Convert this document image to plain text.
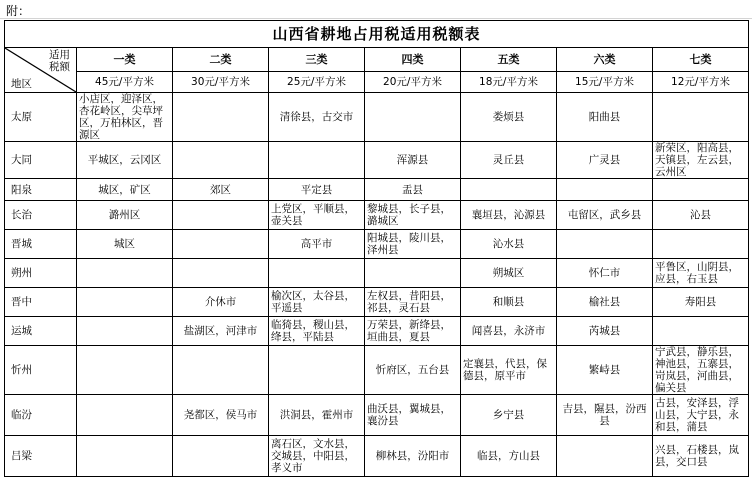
附：
山西省耕地占用税适用税额表							

适用
税额
地区	一类	二类	三类	四类	五类	六类	七类
	45元/平方米	30元/平方米	25元/平方米	20元/平方米	18元/平方米	15元/平方米	12元/平方米
太原	小店区，迎泽区，杏花岭区，尖草坪区，万柏林区，晋源区		清徐县，古交市		娄烦县	阳曲县	
大同	平城区，云冈区			浑源县	灵丘县	广灵县	新荣区，阳高县，天镇县，左云县，云州区
阳泉	城区，矿区	郊区	平定县	盂县			
长治	潞州区		上党区，平顺县，壶关县	黎城县，长子县，潞城区	襄垣县，沁源县	屯留区，武乡县	沁县
晋城	城区		高平市	阳城县，陵川县，泽州县	沁水县		
朔州					朔城区	怀仁市	平鲁区，山阴县，应县，右玉县
晋中		介休市	榆次区，太谷县，平遥县	左权县，昔阳县，祁县，灵石县	和顺县	榆社县	寿阳县
运城		盐湖区，河津市	临猗县，稷山县，绛县，平陆县	万荣县，新绛县，垣曲县，夏县	闻喜县，永济市	芮城县	
忻州				忻府区，五台县	定襄县，代县，保德县，原平市	繁峙县	宁武县，静乐县，神池县，五寨县，岢岚县，河曲县，偏关县
临汾		尧都区，侯马市	洪洞县，霍州市	曲沃县，翼城县，襄汾县	乡宁县	吉县，隰县，汾西县	古县，安泽县，浮山县，大宁县，永和县，蒲县
吕梁			离石区，文水县，交城县，中阳县，孝义市	柳林县，汾阳市	临县，方山县		兴县，石楼县，岚县，交口县
